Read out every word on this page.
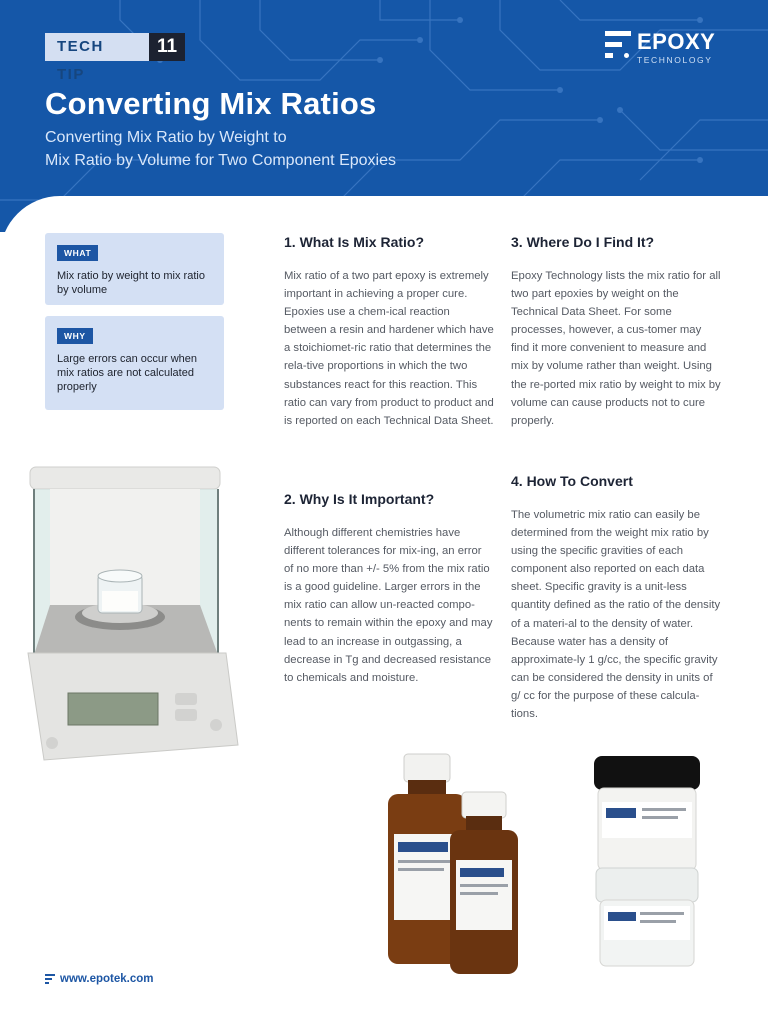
TECH TIP
11	EPOXY
TECHNOLOGY
Converting Mix Ratios
Converting Mix Ratio by Weight to
Mix Ratio by Volume for Two Component Epoxies
WHAT
Mix ratio by weight to mix ratio by volume
WHY
Large errors can occur when mix ratios are not calculated properly
1. What Is Mix Ratio?
Mix ratio of a two part epoxy is extremely important in achieving a proper cure. Epoxies use a chem-ical reaction between a resin and hardener which have a stoichiomet-ric ratio that determines the rela-tive proportions in which the two substances react for this reaction. This ratio can vary from product to product and is reported on each Technical Data Sheet.
2. Why Is It Important?
Although different chemistries have different tolerances for mix-ing, an error of no more than +/- 5% from the mix ratio is a good guideline. Larger errors in the mix ratio can allow un-reacted compo-nents to remain within the epoxy and may lead to an increase in outgassing, a decrease in Tg and decreased resistance to chemicals and moisture.
3. Where Do I Find It?
Epoxy Technology lists the mix ratio for all two part epoxies by weight on the Technical Data Sheet. For some processes, however, a cus-tomer may find it more convenient to measure and mix by volume rather than weight. Using the re-ported mix ratio by weight to mix by volume can cause products not to cure properly.
4. How To Convert
The volumetric mix ratio can easily be determined from the weight mix ratio by using the specific gravities of each component also reported on each data sheet. Specific gravity is a unit-less quantity defined as the ratio of the density of a materi-al to the density of water. Because water has a density of approximate-ly 1 g/cc, the specific gravity can be considered the density in units of g/ cc for the purpose of these calcula-tions.
www.epotek.com
